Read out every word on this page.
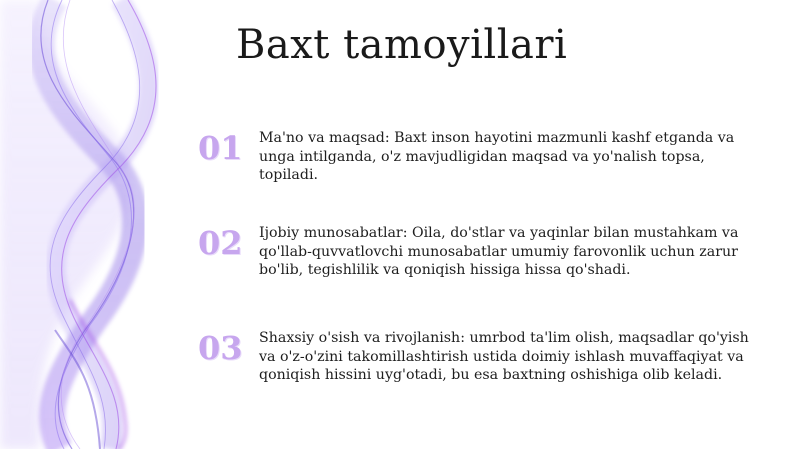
Baxt tamoyillari
01 Ma'no va maqsad: Baxt inson hayotini mazmunli kashf etganda va unga intilganda, o'z mavjudligidan maqsad va yo'nalish topsa, topiladi.
02 Ijobiy munosabatlar: Oila, do'stlar va yaqinlar bilan mustahkam va qo'llab-quvvatlovchi munosabatlar umumiy farovonlik uchun zarur bo'lib, tegishlilik va qoniqish hissiga hissa qo'shadi.
03 Shaxsiy o'sish va rivojlanish: umrbod ta'lim olish, maqsadlar qo'yish va o'z-o'zini takomillashtirish ustida doimiy ishlash muvaffaqiyat va qoniqish hissini uyg'otadi, bu esa baxtning oshishiga olib keladi.
